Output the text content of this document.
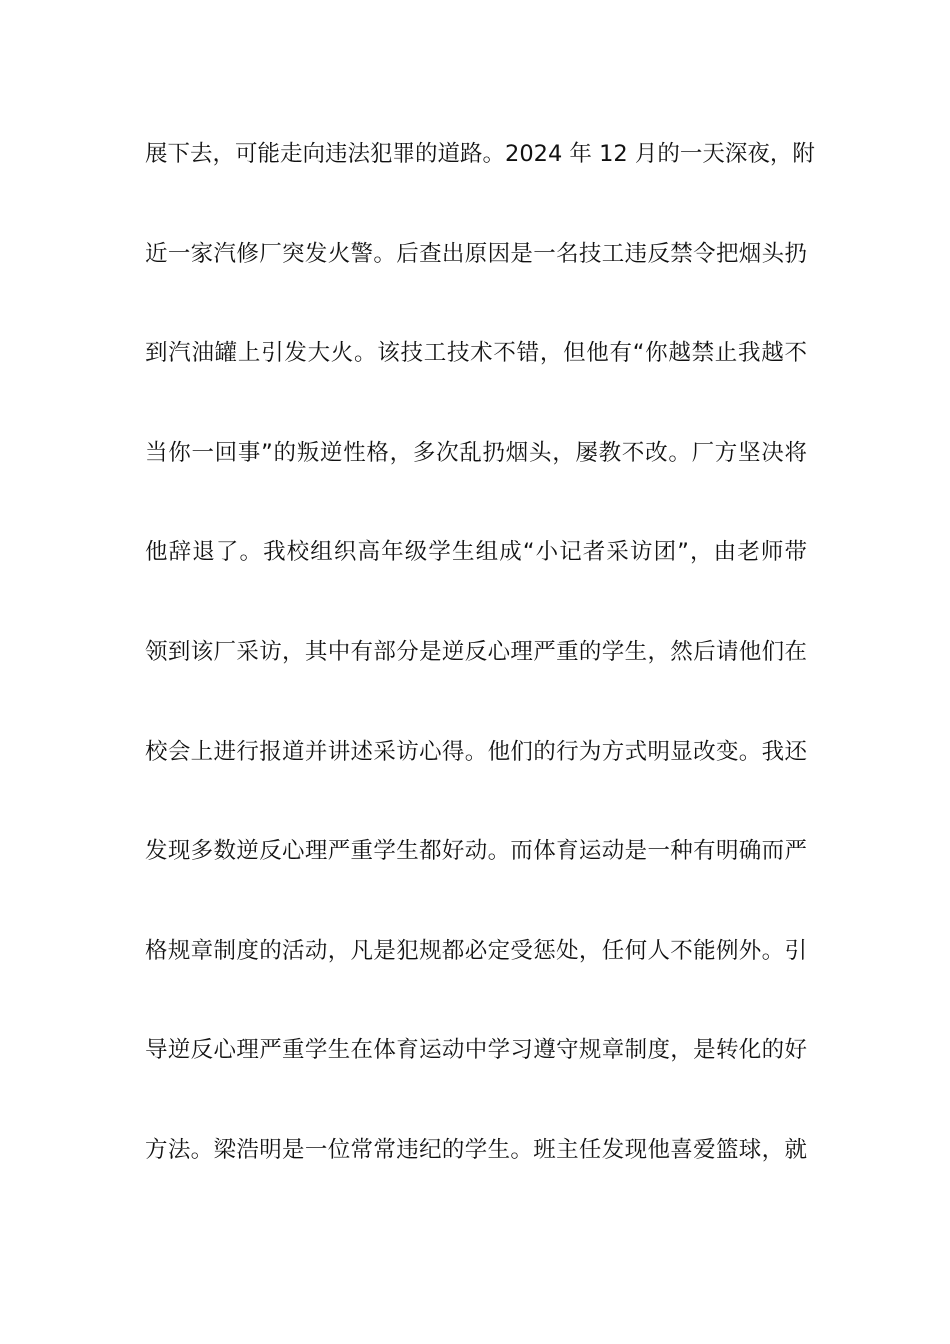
展下去，可能走向违法犯罪的道路。2024 年 12 月的一天深夜，附
近一家汽修厂突发火警。后查出原因是一名技工违反禁令把烟头扔
到汽油罐上引发大火。该技工技术不错，但他有“你越禁止我越不
当你一回事”的叛逆性格，多次乱扔烟头，屡教不改。厂方坚决将
他辞退了。我校组织高年级学生组成“小记者采访团”，由老师带
领到该厂采访，其中有部分是逆反心理严重的学生，然后请他们在
校会上进行报道并讲述采访心得。他们的行为方式明显改变。我还
发现多数逆反心理严重学生都好动。而体育运动是一种有明确而严
格规章制度的活动，凡是犯规都必定受惩处，任何人不能例外。引
导逆反心理严重学生在体育运动中学习遵守规章制度，是转化的好
方法。梁浩明是一位常常违纪的学生。班主任发现他喜爱篮球，就
